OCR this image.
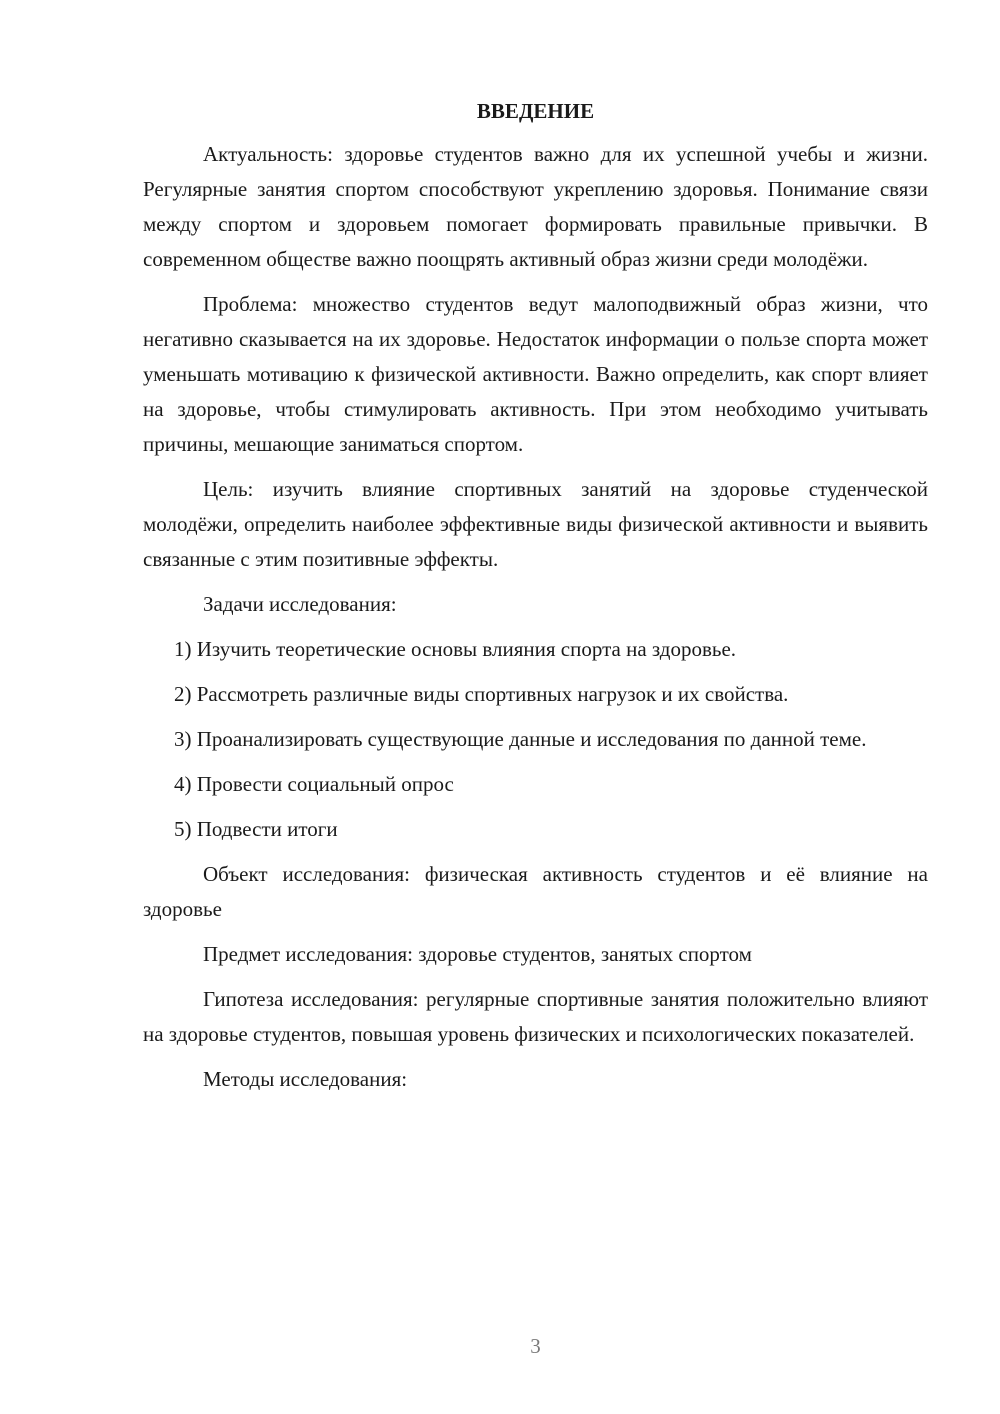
ВВЕДЕНИЕ

Актуальность: здоровье студентов важно для их успешной учебы и жизни. Регулярные занятия спортом способствуют укреплению здоровья. Понимание связи между спортом и здоровьем помогает формировать правильные привычки. В современном обществе важно поощрять активный образ жизни среди молодёжи.

Проблема: множество студентов ведут малоподвижный образ жизни, что негативно сказывается на их здоровье. Недостаток информации о пользе спорта может уменьшать мотивацию к физической активности. Важно определить, как спорт влияет на здоровье, чтобы стимулировать активность. При этом необходимо учитывать причины, мешающие заниматься спортом.

Цель: изучить влияние спортивных занятий на здоровье студенческой молодёжи, определить наиболее эффективные виды физической активности и выявить связанные с этим позитивные эффекты.

Задачи исследования:

1) Изучить теоретические основы влияния спорта на здоровье.

2) Рассмотреть различные виды спортивных нагрузок и их свойства.

3) Проанализировать существующие данные и исследования по данной теме.

4) Провести социальный опрос

5) Подвести итоги

Объект исследования: физическая активность студентов и её влияние на здоровье

Предмет исследования: здоровье студентов, занятых спортом

Гипотеза исследования: регулярные спортивные занятия положительно влияют на здоровье студентов, повышая уровень физических и психологических показателей.

Методы исследования:

3
